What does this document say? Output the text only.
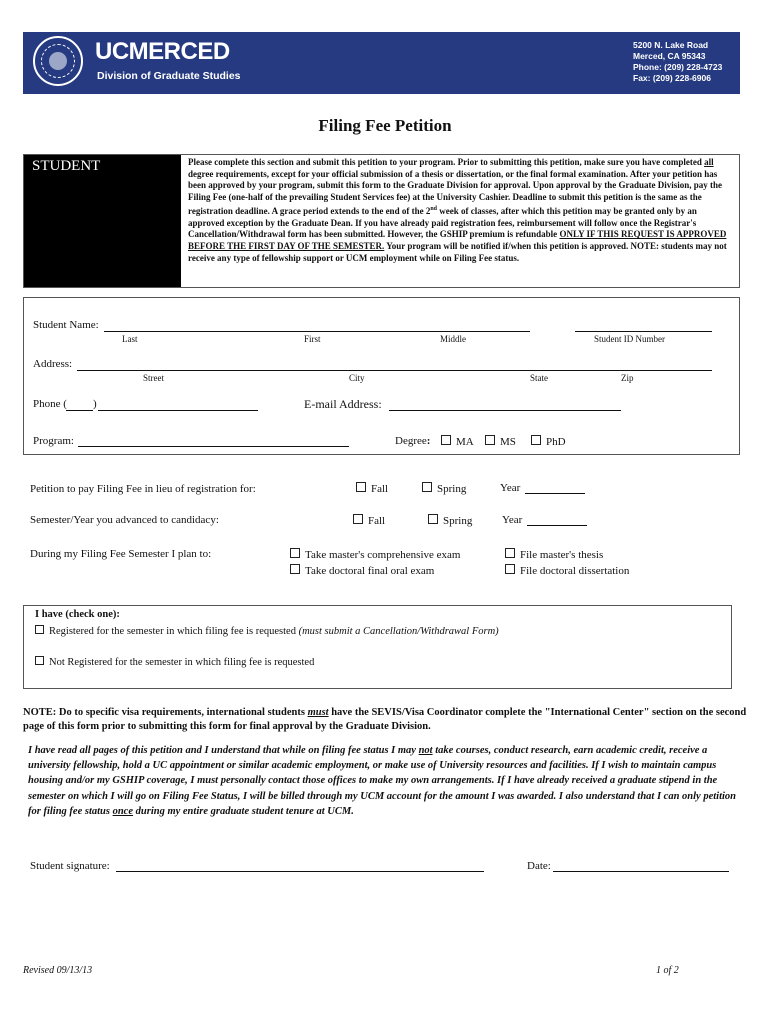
UCMERCED
Division of Graduate Studies
5200 N. Lake Road
Merced, CA 95343
Phone: (209) 228-4723
Fax: (209) 228-6906
Filing Fee Petition
STUDENT	Please complete this section and submit this petition to your program. Prior to submitting this petition, make sure you have completed all degree requirements, except for your official submission of a thesis or dissertation, or the final formal examination. After your petition has been approved by your program, submit this form to the Graduate Division for approval. Upon approval by the Graduate Division, pay the Filing Fee (one-half of the prevailing Student Services fee) at the University Cashier. Deadline to submit this petition is the same as the registration deadline. A grace period extends to the end of the 2nd week of classes, after which this petition may be granted only by an approved exception by the Graduate Dean. If you have already paid registration fees, reimbursement will follow once the Registrar's Cancellation/Withdrawal form has been submitted. However, the GSHIP premium is refundable ONLY IF THIS REQUEST IS APPROVED BEFORE THE FIRST DAY OF THE SEMESTER. Your program will be notified if/when this petition is approved. NOTE: students may not receive any type of fellowship support or UCM employment while on Filing Fee status.
Student Name:
Last	First	Middle	Student ID Number
Address:
Street	City	State	Zip
Phone ( )	E-mail Address:
Program:	Degree:	MA	MS	PhD
Petition to pay Filing Fee in lieu of registration for:	Fall	Spring	Year
Semester/Year you advanced to candidacy:	Fall	Spring	Year
During my Filing Fee Semester I plan to:	Take master's comprehensive exam	File master's thesis
Take doctoral final oral exam	File doctoral dissertation
I have (check one):
Registered for the semester in which filing fee is requested (must submit a Cancellation/Withdrawal Form)
Not Registered for the semester in which filing fee is requested
NOTE: Do to specific visa requirements, international students must have the SEVIS/Visa Coordinator complete the "International Center" section on the second page of this form prior to submitting this form for final approval by the Graduate Division.
I have read all pages of this petition and I understand that while on filing fee status I may not take courses, conduct research, earn academic credit, receive a university fellowship, hold a UC appointment or similar academic employment, or make use of University resources and facilities. If I wish to maintain campus housing and/or my GSHIP coverage, I must personally contact those offices to make my own arrangements. If I have already received a graduate stipend in the semester on which I will go on Filing Fee Status, I will be billed through my UCM account for the amount I was awarded. I also understand that I can only petition for filing fee status once during my entire graduate student tenure at UCM.
Student signature:	Date:
Revised 09/13/13	1 of 2
